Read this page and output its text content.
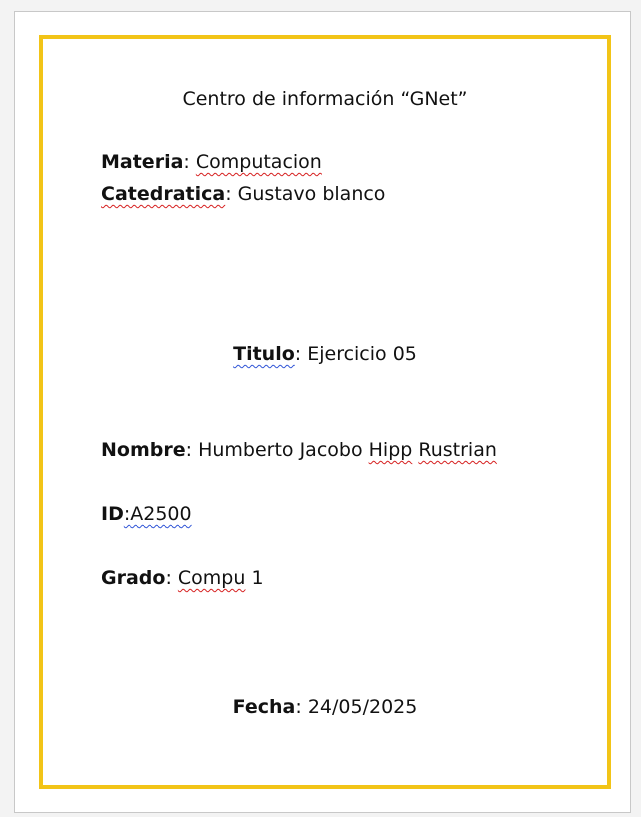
Centro de información “GNet”
Materia: Computacion
Catedratica: Gustavo blanco
Titulo: Ejercicio 05
Nombre: Humberto Jacobo Hipp Rustrian
ID:A2500
Grado: Compu 1
Fecha: 24/05/2025
